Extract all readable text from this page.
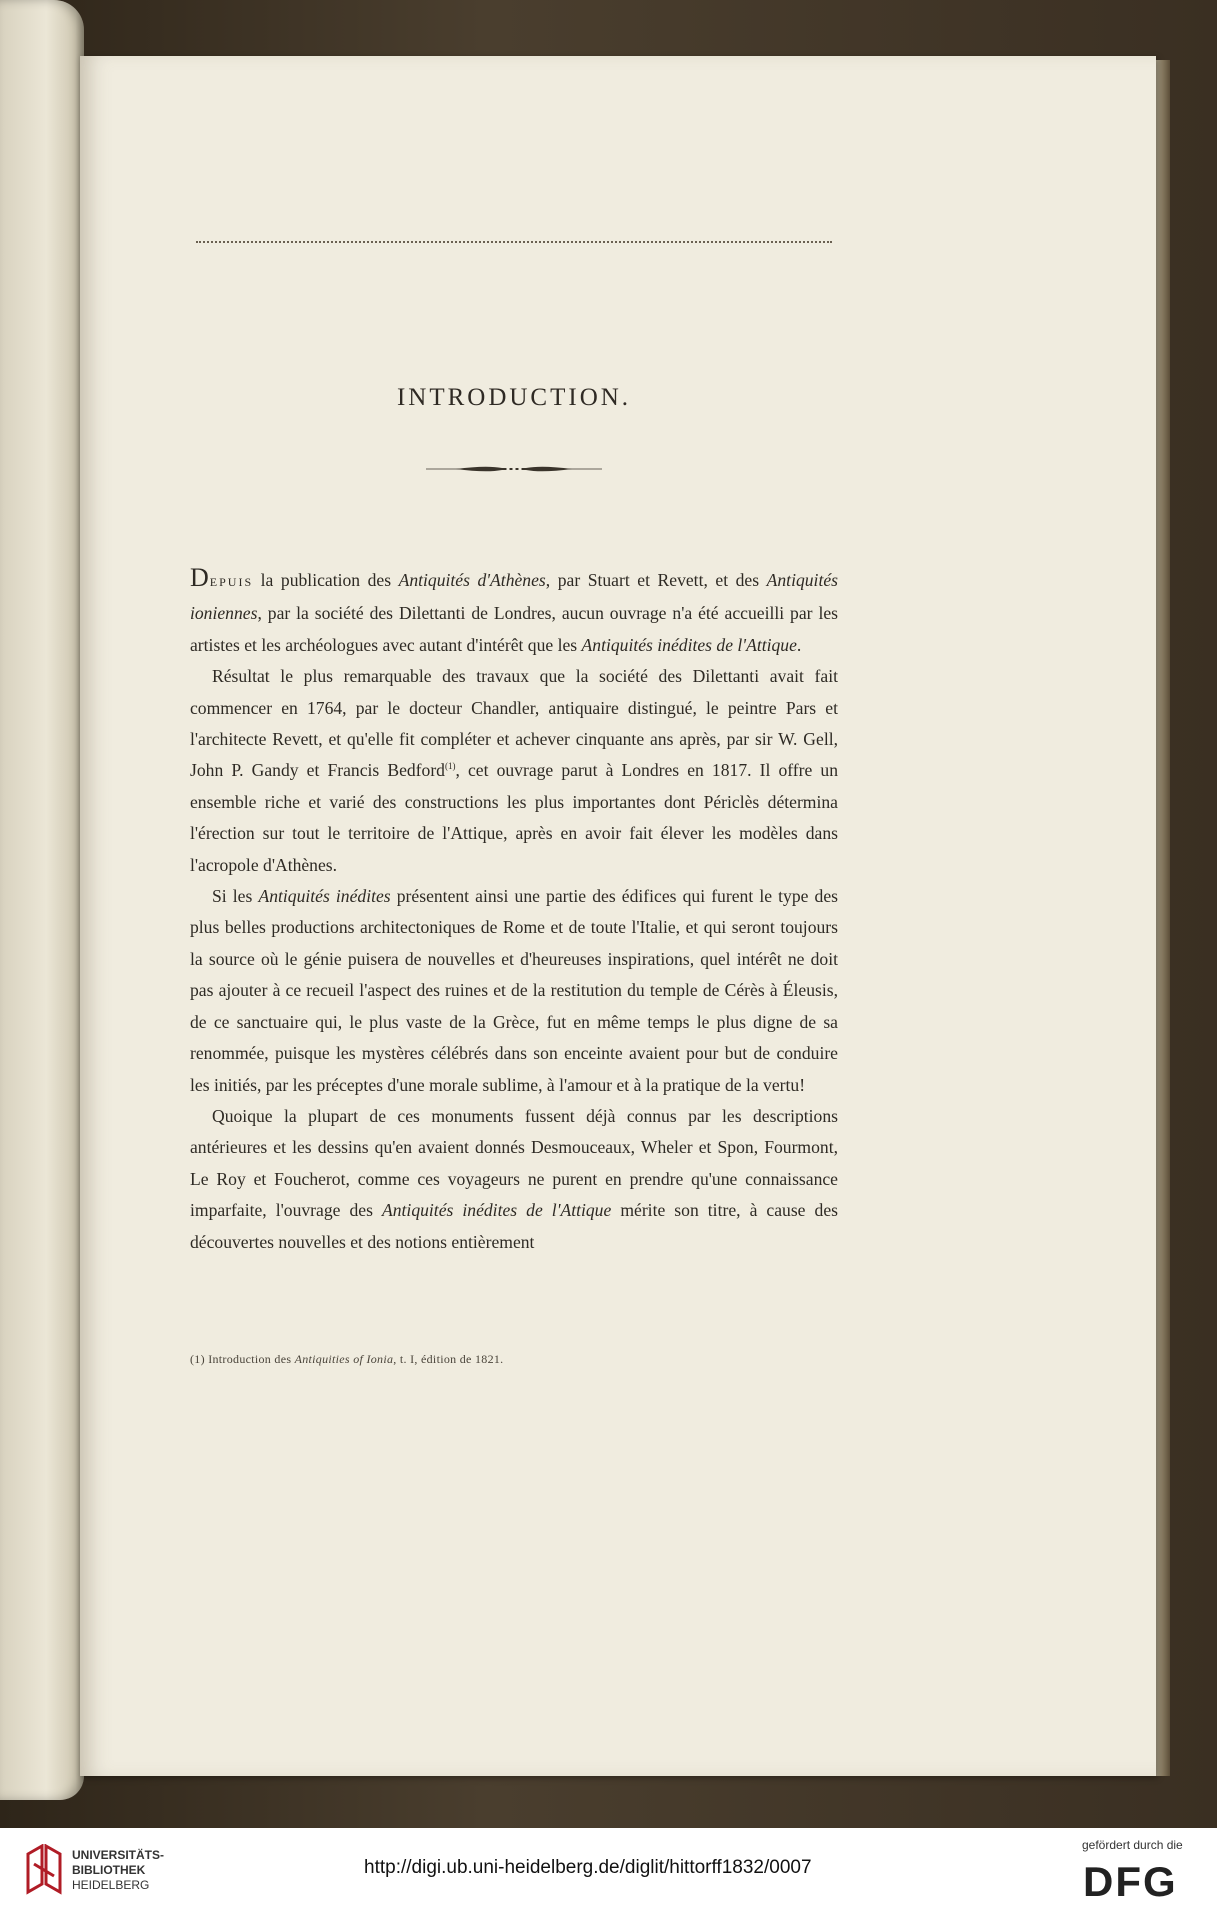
INTRODUCTION.

DEPUIS la publication des Antiquités d'Athènes, par Stuart et Revett, et des Antiquités ioniennes, par la société des Dilettanti de Londres, aucun ouvrage n'a été accueilli par les artistes et les archéologues avec autant d'intérêt que les Antiquités inédites de l'Attique.

Résultat le plus remarquable des travaux que la société des Dilettanti avait fait commencer en 1764, par le docteur Chandler, antiquaire distingué, le peintre Pars et l'architecte Revett, et qu'elle fit compléter et achever cinquante ans après, par sir W. Gell, John P. Gandy et Francis Bedford$^{(1)}$, cet ouvrage parut à Londres en 1817. Il offre un ensemble riche et varié des constructions les plus importantes dont Périclès détermina l'érection sur tout le territoire de l'Attique, après en avoir fait élever les modèles dans l'acropole d'Athènes.

Si les Antiquités inédites présentent ainsi une partie des édifices qui furent le type des plus belles productions architectoniques de Rome et de toute l'Italie, et qui seront toujours la source où le génie puisera de nouvelles et d'heureuses inspirations, quel intérêt ne doit pas ajouter à ce recueil l'aspect des ruines et de la restitution du temple de Cérès à Éleusis, de ce sanctuaire qui, le plus vaste de la Grèce, fut en même temps le plus digne de sa renommée, puisque les mystères célébrés dans son enceinte avaient pour but de conduire les initiés, par les préceptes d'une morale sublime, à l'amour et à la pratique de la vertu!

Quoique la plupart de ces monuments fussent déjà connus par les descriptions antérieures et les dessins qu'en avaient donnés Desmouceaux, Wheler et Spon, Fourmont, Le Roy et Foucherot, comme ces voyageurs ne purent en prendre qu'une connaissance imparfaite, l'ouvrage des Antiquités inédites de l'Attique mérite son titre, à cause des découvertes nouvelles et des notions entièrement

(1) Introduction des Antiquities of Ionia, t. I, édition de 1821.
UNIVERSITÄTS-
BIBLIOTHEK
HEIDELBERG
http://digi.ub.uni-heidelberg.de/diglit/hittorff1832/0007
gefördert durch die
DFG
